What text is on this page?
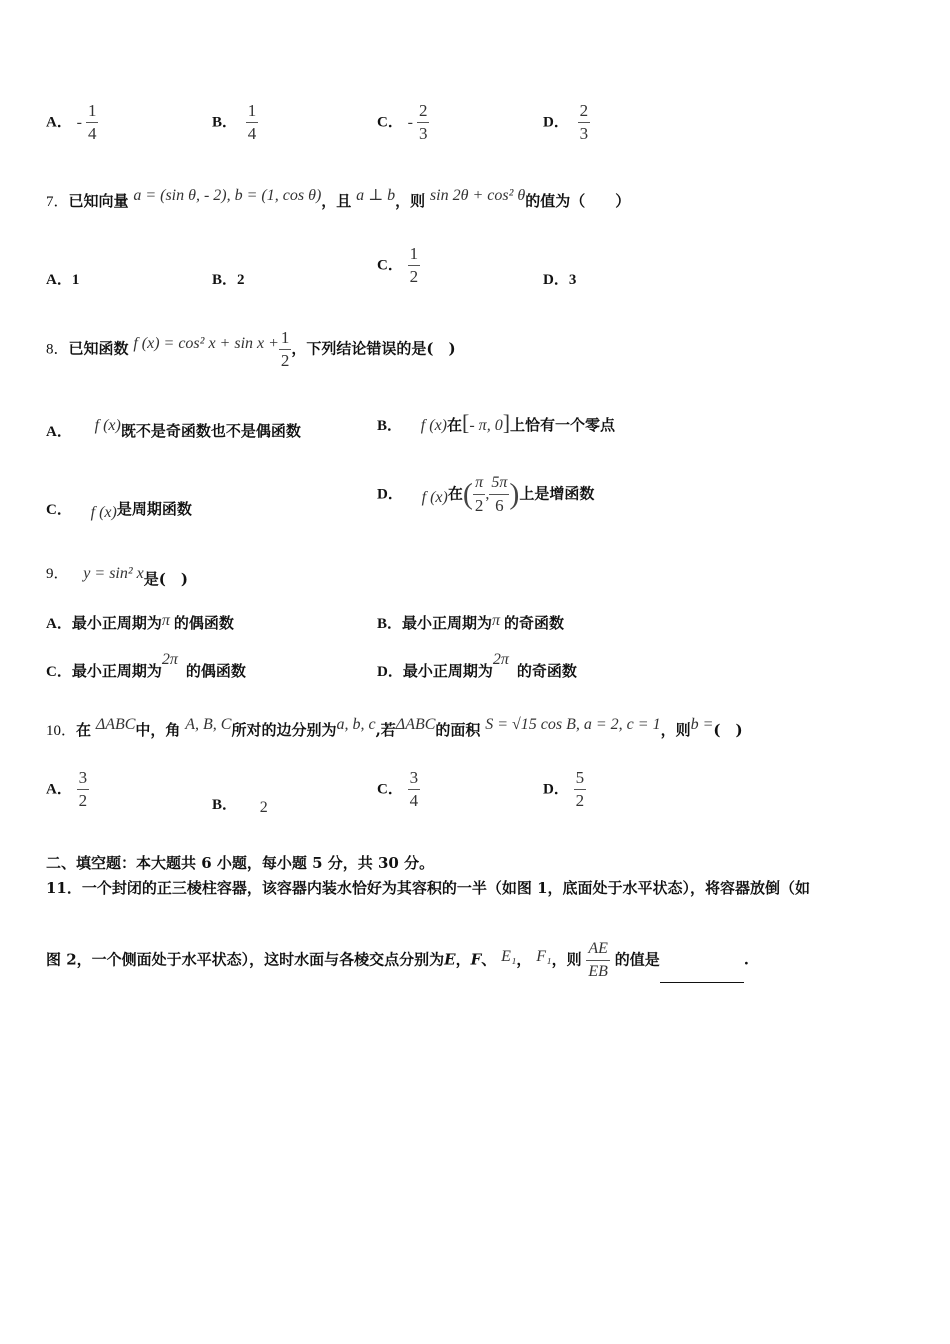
A． - $\frac{1}{4}$	B． $\frac{1}{4}$	C． - $\frac{2}{3}$	D． $\frac{2}{3}$
7．已知向量 a = (sin θ, - 2), b = (1, cos θ)，且 a ⊥ b，则 sin 2θ + cos² θ的值为（　　）
A．1	B．2
C． $\frac{1}{2}$	D．3
8．已知函数 f (x) = cos² $x + \sin x + \frac{1}{2}$ ，下列结论错误的是(　)
A． f (x)既不是奇函数也不是偶函数	B． f (x)在[- π, 0]上恰有一个零点
C． f (x)是周期函数
D． f (x)在( $\frac{\pi}{2}$ , $\frac{5\pi}{6}$ )上是增函数
9． y = sin² x是(　)
A．最小正周期为π 的偶函数	B．最小正周期为π 的奇函数
C．最小正周期为2π的偶函数	D．最小正周期为2π的奇函数
10．在 ΔABC中，角 A, B, C所对的边分别为a, b, c,若ΔABC的面积 S = √15 cos B, a = 2, c = 1，则b =(　)
A． $\frac{3}{2}$	B． 2
C． $\frac{3}{4}$	D． $\frac{5}{2}$
二、填空题：本大题共 6 小题，每小题 5 分，共 30 分。
11．一个封闭的正三棱柱容器，该容器内装水恰好为其容积的一半（如图 1，底面处于水平状态），将容器放倒（如
图 2，一个侧面处于水平状态），这时水面与各棱交点分别为E，F、 E₁， F₁，则 $\frac{AE}{EB}$ 的值是	.
